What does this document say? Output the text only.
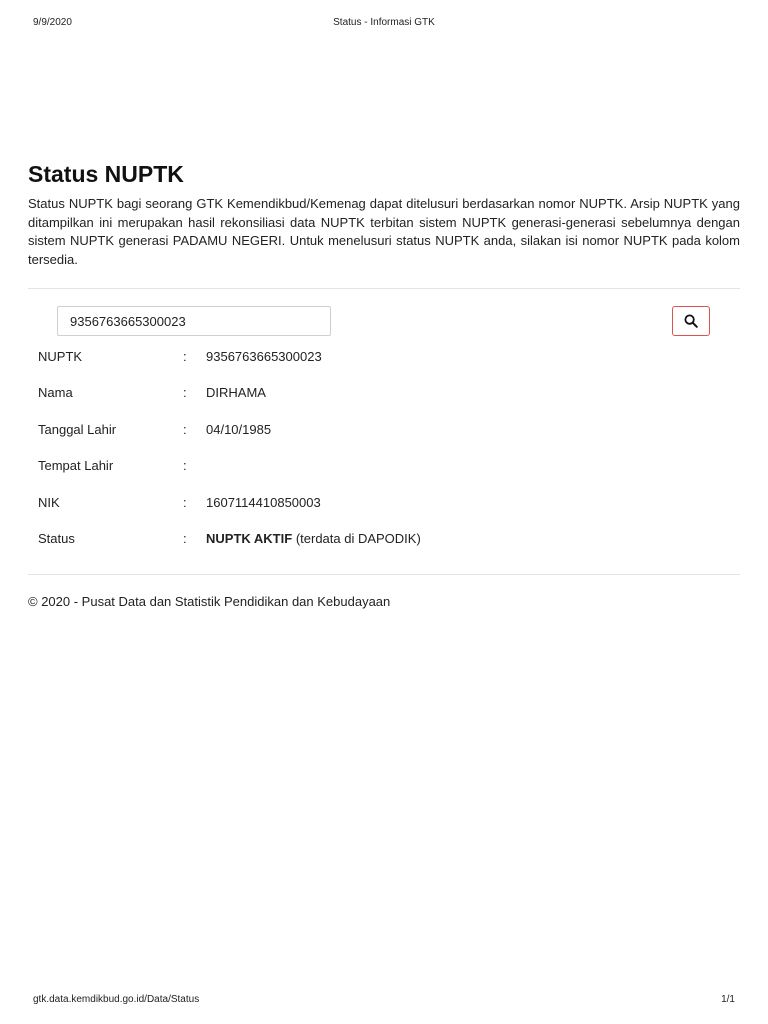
9/9/2020	Status - Informasi GTK
Status NUPTK

Status NUPTK bagi seorang GTK Kemendikbud/Kemenag dapat ditelusuri berdasarkan nomor NUPTK. Arsip NUPTK yang ditampilkan ini merupakan hasil rekonsiliasi data NUPTK terbitan sistem NUPTK generasi-generasi sebelumnya dengan sistem NUPTK generasi PADAMU NEGERI. Untuk menelusuri status NUPTK anda, silakan isi nomor NUPTK pada kolom tersedia.

9356763665300023
NUPTK	:	9356763665300023
Nama	:	DIRHAMA
Tanggal Lahir	:	04/10/1985
Tempat Lahir	:	
NIK	:	1607114410850003
Status	:	NUPTK AKTIF (terdata di DAPODIK)
© 2020 - Pusat Data dan Statistik Pendidikan dan Kebudayaan
gtk.data.kemdikbud.go.id/Data/Status	1/1
